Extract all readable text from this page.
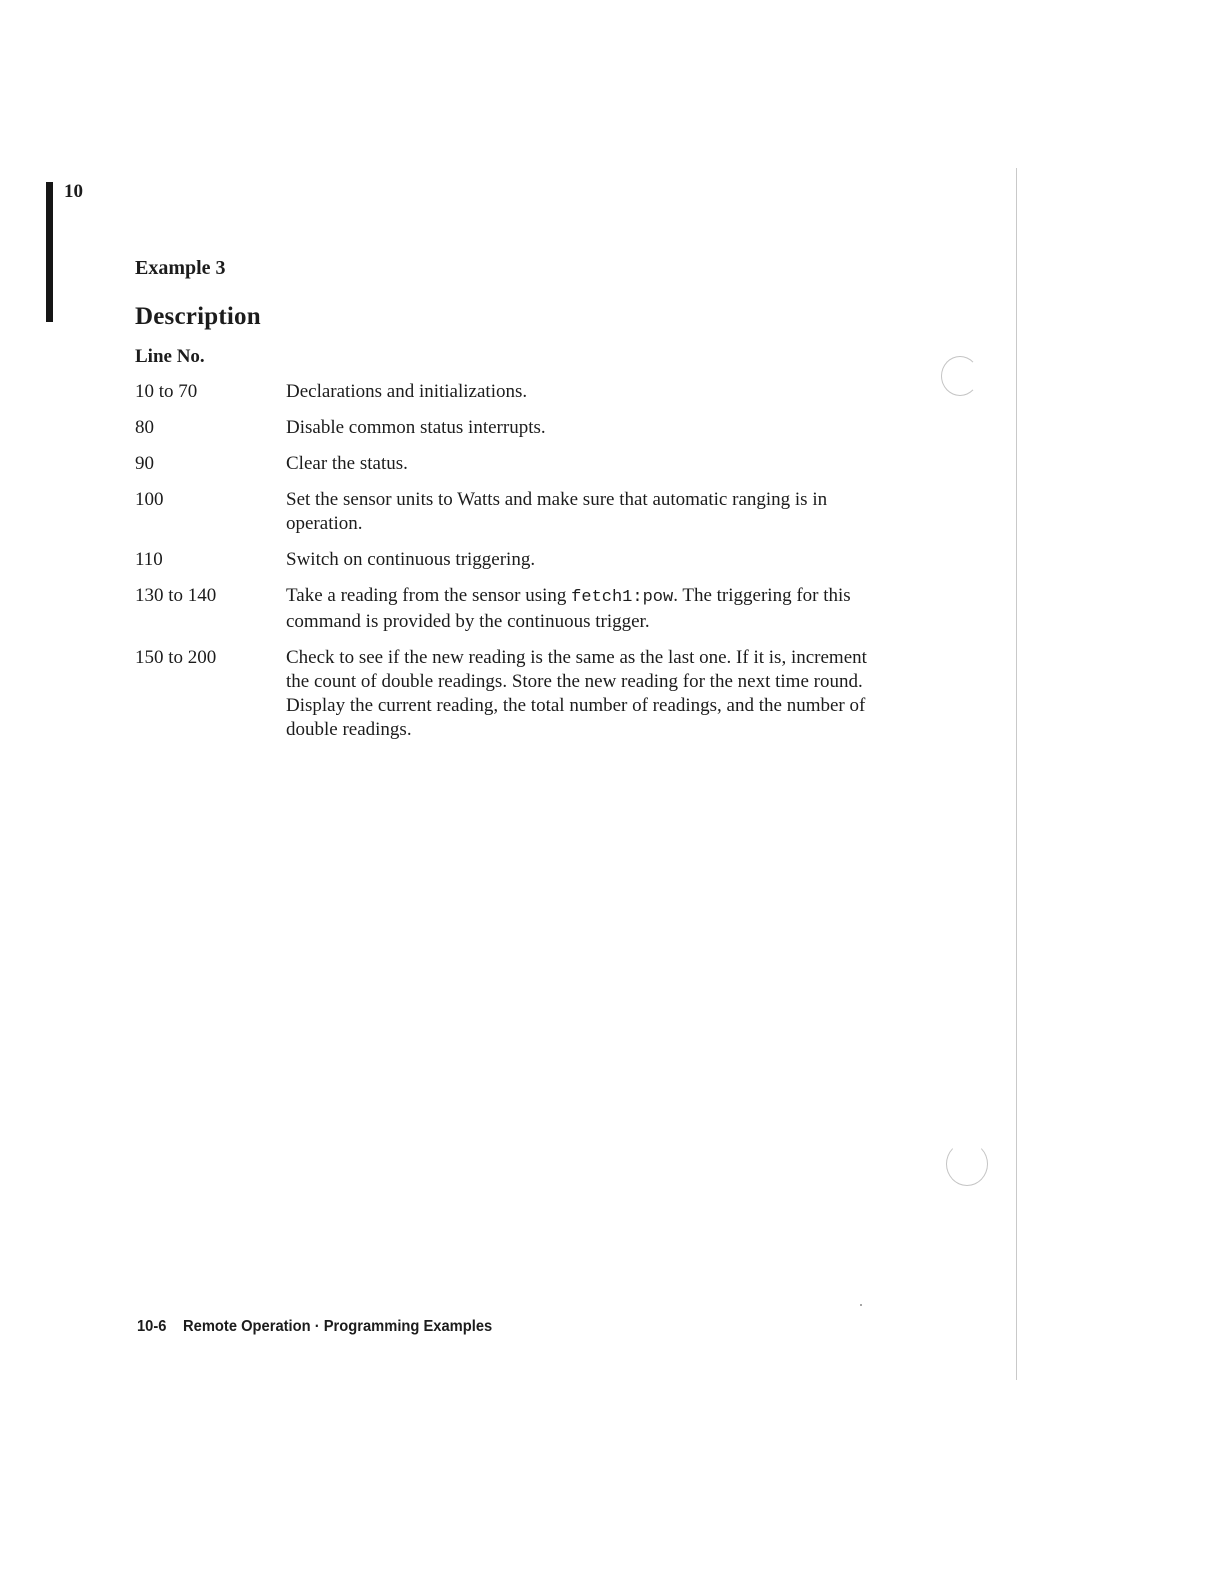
10
Example 3
Description
Line No.
10 to 70	Declarations and initializations.
80	Disable common status interrupts.
90	Clear the status.
100	Set the sensor units to Watts and make sure that automatic ranging is in operation.
110	Switch on continuous triggering.
130 to 140	Take a reading from the sensor using fetch1:pow. The triggering for this command is provided by the continuous trigger.
150 to 200	Check to see if the new reading is the same as the last one. If it is, increment the count of double readings. Store the new reading for the next time round. Display the current reading, the total number of readings, and the number of double readings.
10-6 Remote Operation · Programming Examples
